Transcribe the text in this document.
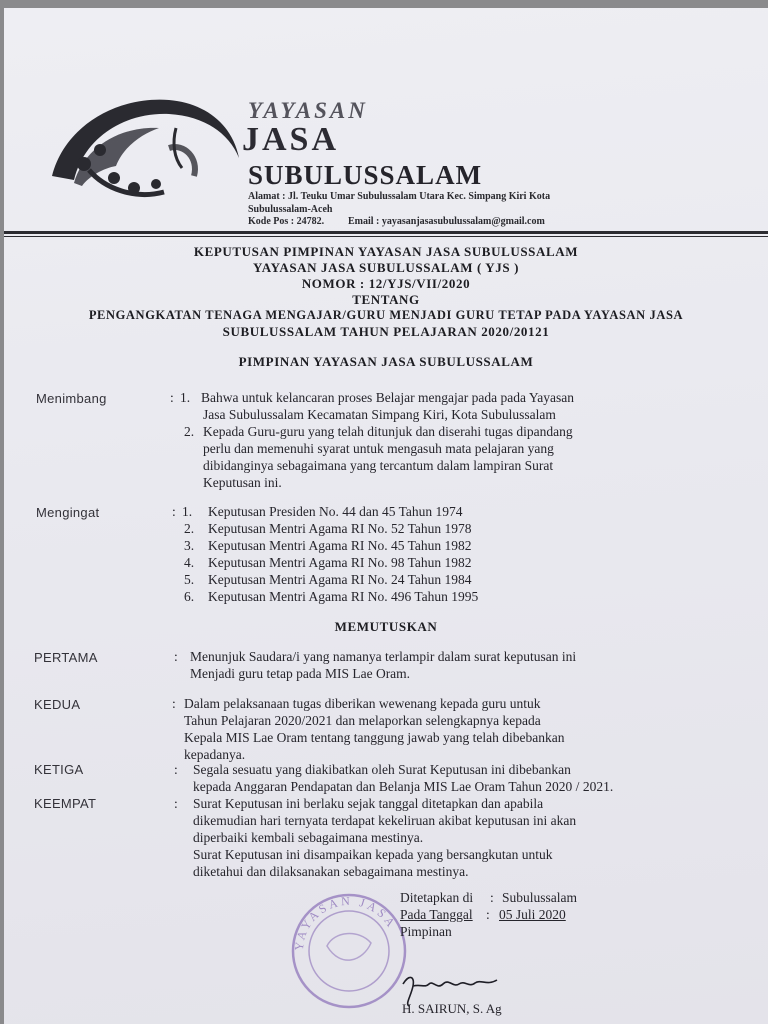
YAYASAN
JASA
SUBULUSSALAM
Alamat : Jl. Teuku Umar Subulussalam Utara Kec. Simpang Kiri Kota
Subulussalam-Aceh
Kode Pos : 24782. Email : yayasanjasasubulussalam@gmail.com
KEPUTUSAN PIMPINAN YAYASAN JASA SUBULUSSALAM
YAYASAN JASA SUBULUSSALAM ( YJS )
NOMOR : 12/YJS/VII/2020
TENTANG
PENGANGKATAN TENAGA MENGAJAR/GURU MENJADI GURU TETAP PADA YAYASAN JASA
SUBULUSSALAM TAHUN PELAJARAN 2020/20121
PIMPINAN YAYASAN JASA SUBULUSSALAM
Menimbang	: 1. Bahwa untuk kelancaran proses Belajar mengajar pada pada Yayasan
Jasa Subulussalam Kecamatan Simpang Kiri, Kota Subulussalam
2. Kepada Guru-guru yang telah ditunjuk dan diserahi tugas dipandang
perlu dan memenuhi syarat untuk mengasuh mata pelajaran yang
dibidanginya sebagaimana yang tercantum dalam lampiran Surat
Keputusan ini.
Mengingat	: 1. Keputusan Presiden No. 44 dan 45 Tahun 1974
2. Keputusan Mentri Agama RI No. 52 Tahun 1978
3. Keputusan Mentri Agama RI No. 45 Tahun 1982
4. Keputusan Mentri Agama RI No. 98 Tahun 1982
5. Keputusan Mentri Agama RI No. 24 Tahun 1984
6. Keputusan Mentri Agama RI No. 496 Tahun 1995
MEMUTUSKAN
PERTAMA	: Menunjuk Saudara/i yang namanya terlampir dalam surat keputusan ini
Menjadi guru tetap pada MIS Lae Oram.
KEDUA	: Dalam pelaksanaan tugas diberikan wewenang kepada guru untuk
Tahun Pelajaran 2020/2021 dan melaporkan selengkapnya kepada
Kepala MIS Lae Oram tentang tanggung jawab yang telah dibebankan
kepadanya.
KETIGA	: Segala sesuatu yang diakibatkan oleh Surat Keputusan ini dibebankan
kepada Anggaran Pendapatan dan Belanja MIS Lae Oram Tahun 2020 / 2021.
KEEMPAT	: Surat Keputusan ini berlaku sejak tanggal ditetapkan dan apabila
dikemudian hari ternyata terdapat kekeliruan akibat keputusan ini akan
diperbaiki kembali sebagaimana mestinya.
Surat Keputusan ini disampaikan kepada yang bersangkutan untuk
diketahui dan dilaksanakan sebagaimana mestinya.
YAYASAN JASA
Ditetapkan di : Subulussalam
Pada Tanggal : 05 Juli 2020
Pimpinan
H. SAIRUN, S. Ag
